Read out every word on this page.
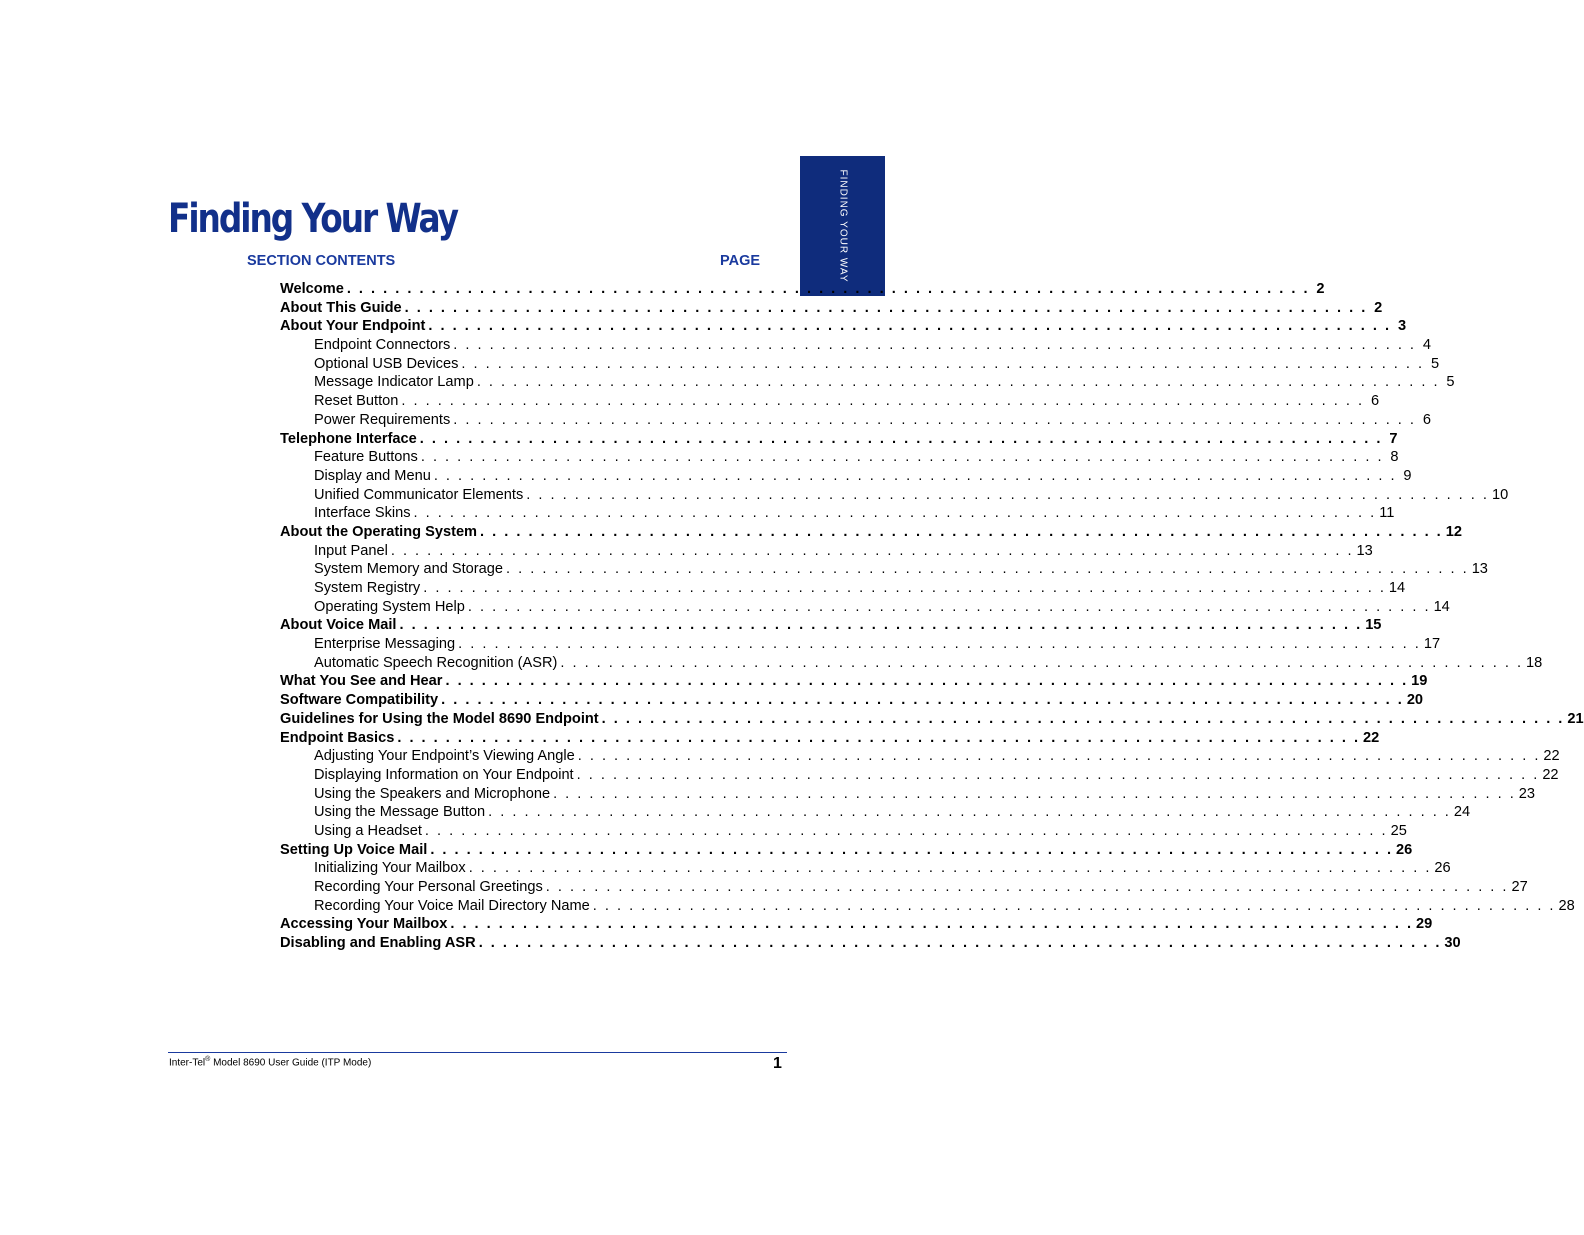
FINDING YOUR WAY
Finding Your Way
SECTION CONTENTS	PAGE
Welcome . . . . . . . . . . . . . . . . . . . . . . . . . . . . . . . . . . . . . . . . . . . . . . . . . . . . . . . . . . . . . . . . . . . . . . . . . . . . . . . . 2
About This Guide . . . . . . . . . . . . . . . . . . . . . . . . . . . . . . . . . . . . . . . . . . . . . . . . . . . . . . . . . . . . . . . . . . . . . . . . . . . . . . . . 2
About Your Endpoint . . . . . . . . . . . . . . . . . . . . . . . . . . . . . . . . . . . . . . . . . . . . . . . . . . . . . . . . . . . . . . . . . . . . . . . . . . . . . . . . 3
Endpoint Connectors . . . . . . . . . . . . . . . . . . . . . . . . . . . . . . . . . . . . . . . . . . . . . . . . . . . . . . . . . . . . . . . . . . . . . . . . . . . . . . . . 4
Optional USB Devices . . . . . . . . . . . . . . . . . . . . . . . . . . . . . . . . . . . . . . . . . . . . . . . . . . . . . . . . . . . . . . . . . . . . . . . . . . . . . . . . 5
Message Indicator Lamp . . . . . . . . . . . . . . . . . . . . . . . . . . . . . . . . . . . . . . . . . . . . . . . . . . . . . . . . . . . . . . . . . . . . . . . . . . . . . . . . 5
Reset Button . . . . . . . . . . . . . . . . . . . . . . . . . . . . . . . . . . . . . . . . . . . . . . . . . . . . . . . . . . . . . . . . . . . . . . . . . . . . . . . . 6
Power Requirements . . . . . . . . . . . . . . . . . . . . . . . . . . . . . . . . . . . . . . . . . . . . . . . . . . . . . . . . . . . . . . . . . . . . . . . . . . . . . . . . 6
Telephone Interface . . . . . . . . . . . . . . . . . . . . . . . . . . . . . . . . . . . . . . . . . . . . . . . . . . . . . . . . . . . . . . . . . . . . . . . . . . . . . . . . 7
Feature Buttons . . . . . . . . . . . . . . . . . . . . . . . . . . . . . . . . . . . . . . . . . . . . . . . . . . . . . . . . . . . . . . . . . . . . . . . . . . . . . . . . 8
Display and Menu . . . . . . . . . . . . . . . . . . . . . . . . . . . . . . . . . . . . . . . . . . . . . . . . . . . . . . . . . . . . . . . . . . . . . . . . . . . . . . . . 9
Unified Communicator Elements . . . . . . . . . . . . . . . . . . . . . . . . . . . . . . . . . . . . . . . . . . . . . . . . . . . . . . . . . . . . . . . . . . . . . . . . . . . . . . . . 10
Interface Skins . . . . . . . . . . . . . . . . . . . . . . . . . . . . . . . . . . . . . . . . . . . . . . . . . . . . . . . . . . . . . . . . . . . . . . . . . . . . . . . . 11
About the Operating System . . . . . . . . . . . . . . . . . . . . . . . . . . . . . . . . . . . . . . . . . . . . . . . . . . . . . . . . . . . . . . . . . . . . . . . . . . . . . . . . 12
Input Panel . . . . . . . . . . . . . . . . . . . . . . . . . . . . . . . . . . . . . . . . . . . . . . . . . . . . . . . . . . . . . . . . . . . . . . . . . . . . . . . . 13
System Memory and Storage . . . . . . . . . . . . . . . . . . . . . . . . . . . . . . . . . . . . . . . . . . . . . . . . . . . . . . . . . . . . . . . . . . . . . . . . . . . . . . . . 13
System Registry . . . . . . . . . . . . . . . . . . . . . . . . . . . . . . . . . . . . . . . . . . . . . . . . . . . . . . . . . . . . . . . . . . . . . . . . . . . . . . . . 14
Operating System Help . . . . . . . . . . . . . . . . . . . . . . . . . . . . . . . . . . . . . . . . . . . . . . . . . . . . . . . . . . . . . . . . . . . . . . . . . . . . . . . . 14
About Voice Mail . . . . . . . . . . . . . . . . . . . . . . . . . . . . . . . . . . . . . . . . . . . . . . . . . . . . . . . . . . . . . . . . . . . . . . . . . . . . . . . . 15
Enterprise Messaging . . . . . . . . . . . . . . . . . . . . . . . . . . . . . . . . . . . . . . . . . . . . . . . . . . . . . . . . . . . . . . . . . . . . . . . . . . . . . . . . 17
Automatic Speech Recognition (ASR) . . . . . . . . . . . . . . . . . . . . . . . . . . . . . . . . . . . . . . . . . . . . . . . . . . . . . . . . . . . . . . . . . . . . . . . . . . . . . . . . 18
What You See and Hear . . . . . . . . . . . . . . . . . . . . . . . . . . . . . . . . . . . . . . . . . . . . . . . . . . . . . . . . . . . . . . . . . . . . . . . . . . . . . . . . 19
Software Compatibility . . . . . . . . . . . . . . . . . . . . . . . . . . . . . . . . . . . . . . . . . . . . . . . . . . . . . . . . . . . . . . . . . . . . . . . . . . . . . . . . 20
Guidelines for Using the Model 8690 Endpoint . . . . . . . . . . . . . . . . . . . . . . . . . . . . . . . . . . . . . . . . . . . . . . . . . . . . . . . . . . . . . . . . . . . . . . . . . . . . . . . . 21
Endpoint Basics . . . . . . . . . . . . . . . . . . . . . . . . . . . . . . . . . . . . . . . . . . . . . . . . . . . . . . . . . . . . . . . . . . . . . . . . . . . . . . . . 22
Adjusting Your Endpoint’s Viewing Angle . . . . . . . . . . . . . . . . . . . . . . . . . . . . . . . . . . . . . . . . . . . . . . . . . . . . . . . . . . . . . . . . . . . . . . . . . . . . . . . . 22
Displaying Information on Your Endpoint . . . . . . . . . . . . . . . . . . . . . . . . . . . . . . . . . . . . . . . . . . . . . . . . . . . . . . . . . . . . . . . . . . . . . . . . . . . . . . . . 22
Using the Speakers and Microphone . . . . . . . . . . . . . . . . . . . . . . . . . . . . . . . . . . . . . . . . . . . . . . . . . . . . . . . . . . . . . . . . . . . . . . . . . . . . . . . . 23
Using the Message Button . . . . . . . . . . . . . . . . . . . . . . . . . . . . . . . . . . . . . . . . . . . . . . . . . . . . . . . . . . . . . . . . . . . . . . . . . . . . . . . . 24
Using a Headset . . . . . . . . . . . . . . . . . . . . . . . . . . . . . . . . . . . . . . . . . . . . . . . . . . . . . . . . . . . . . . . . . . . . . . . . . . . . . . . . 25
Setting Up Voice Mail . . . . . . . . . . . . . . . . . . . . . . . . . . . . . . . . . . . . . . . . . . . . . . . . . . . . . . . . . . . . . . . . . . . . . . . . . . . . . . . . 26
Initializing Your Mailbox . . . . . . . . . . . . . . . . . . . . . . . . . . . . . . . . . . . . . . . . . . . . . . . . . . . . . . . . . . . . . . . . . . . . . . . . . . . . . . . . 26
Recording Your Personal Greetings . . . . . . . . . . . . . . . . . . . . . . . . . . . . . . . . . . . . . . . . . . . . . . . . . . . . . . . . . . . . . . . . . . . . . . . . . . . . . . . . 27
Recording Your Voice Mail Directory Name . . . . . . . . . . . . . . . . . . . . . . . . . . . . . . . . . . . . . . . . . . . . . . . . . . . . . . . . . . . . . . . . . . . . . . . . . . . . . . . . 28
Accessing Your Mailbox . . . . . . . . . . . . . . . . . . . . . . . . . . . . . . . . . . . . . . . . . . . . . . . . . . . . . . . . . . . . . . . . . . . . . . . . . . . . . . . . 29
Disabling and Enabling ASR . . . . . . . . . . . . . . . . . . . . . . . . . . . . . . . . . . . . . . . . . . . . . . . . . . . . . . . . . . . . . . . . . . . . . . . . . . . . . . . . 30
Inter-Tel® Model 8690 User Guide (ITP Mode)	1
